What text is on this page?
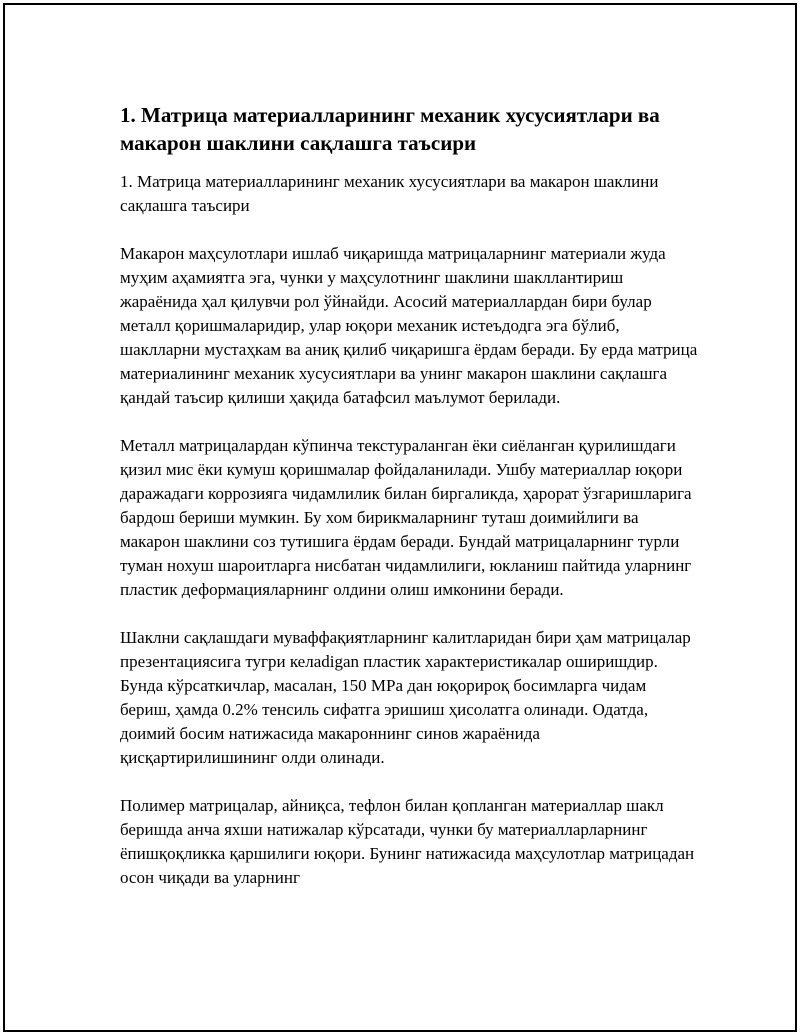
1. Матрица материалларининг механик хусусиятлари ва макарон шаклини сақлашга таъсири

1. Матрица материалларининг механик хусусиятлари ва макарон шаклини сақлашга таъсири

Макарон маҳсулотлари ишлаб чиқаришда матрицаларнинг материали жуда муҳим аҳамиятга эга, чунки у маҳсулотнинг шаклини шакллантириш жараёнида ҳал қилувчи рол ўйнайди. Асосий материаллардан бири булар металл қоришмаларидир, улар юқори механик истеъдодга эга бўлиб, шаклларни мустаҳкам ва аниқ қилиб чиқаришга ёрдам беради. Бу ерда матрица материалининг механик хусусиятлари ва унинг макарон шаклини сақлашга қандай таъсир қилиши ҳақида батафсил маълумот берилади.

Металл матрицалардан кўпинча текстураланган ёки сиёланган қурилишдаги қизил мис ёки кумуш қоришмалар фойдаланилади. Ушбу материаллар юқори даражадаги коррозияга чидамлилик билан биргаликда, ҳарорат ўзгаришларига бардош бериши мумкин. Бу хом бирикмаларнинг туташ доимийлиги ва макарон шаклини соз тутишига ёрдам беради. Бундай матрицаларнинг турли туман нохуш шароитларга нисбатан чидамлилиги, юкланиш пайтида уларнинг пластик деформацияларнинг олдини олиш имконини беради.

Шаклни сақлашдаги муваффақиятларнинг калитларидан бири ҳам матрицалар презентациясига тугри келadigan пластик характеристикалар оширишдир. Бунда кўрсаткичлар, масалан, 150 MPa дан юқорироқ босимларга чидам бериш, ҳамда 0.2% тенсиль сифатга эришиш ҳисолатга олинади. Одатда, доимий босим натижасида макароннинг синов жараёнида қисқартирилишининг олди олинади.

Полимер матрицалар, айниқса, тефлон билан қопланган материаллар шакл беришда анча яхши натижалар кўрсатади, чунки бу материалларларнинг ёпишқоқликка қаршилиги юқори. Бунинг натижасида маҳсулотлар матрицадан осон чиқади ва уларнинг
